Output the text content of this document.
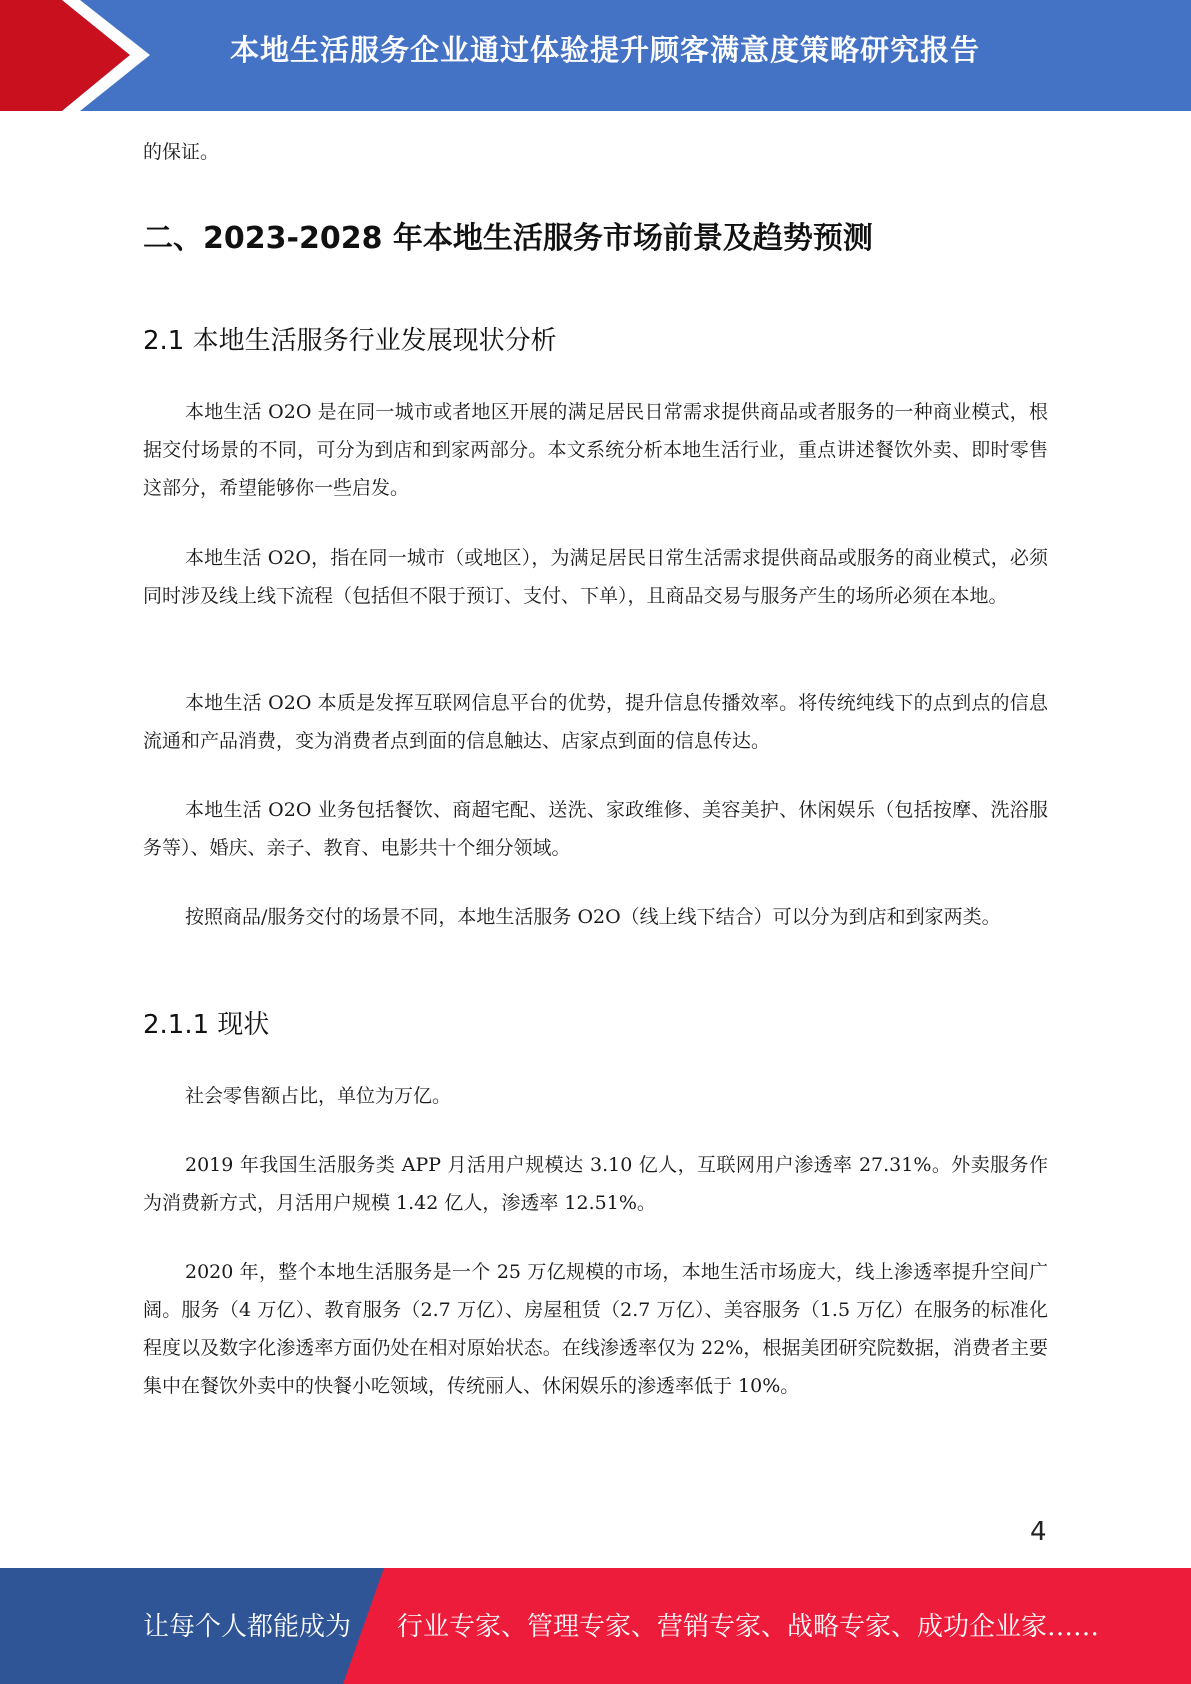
本地生活服务企业通过体验提升顾客满意度策略研究报告

的保证。

二、2023-2028 年本地生活服务市场前景及趋势预测
2.1 本地生活服务行业发展现状分析

本地生活 O2O 是在同一城市或者地区开展的满足居民日常需求提供商品或者服务的一种商业模式，根据交付场景的不同，可分为到店和到家两部分。本文系统分析本地生活行业，重点讲述餐饮外卖、即时零售这部分，希望能够你一些启发。

本地生活 O2O，指在同一城市（或地区），为满足居民日常生活需求提供商品或服务的商业模式，必须同时涉及线上线下流程（包括但不限于预订、支付、下单），且商品交易与服务产生的场所必须在本地。

本地生活 O2O 本质是发挥互联网信息平台的优势，提升信息传播效率。将传统纯线下的点到点的信息流通和产品消费，变为消费者点到面的信息触达、店家点到面的信息传达。

本地生活 O2O 业务包括餐饮、商超宅配、送洗、家政维修、美容美护、休闲娱乐（包括按摩、洗浴服务等）、婚庆、亲子、教育、电影共十个细分领域。

按照商品/服务交付的场景不同，本地生活服务 O2O（线上线下结合）可以分为到店和到家两类。

2.1.1 现状

社会零售额占比，单位为万亿。

2019 年我国生活服务类 APP 月活用户规模达 3.10 亿人，互联网用户渗透率 27.31%。外卖服务作为消费新方式，月活用户规模 1.42 亿人，渗透率 12.51%。

2020 年，整个本地生活服务是一个 25 万亿规模的市场，本地生活市场庞大，线上渗透率提升空间广阔。服务（4 万亿）、教育服务（2.7 万亿）、房屋租赁（2.7 万亿）、美容服务（1.5 万亿）在服务的标准化程度以及数字化渗透率方面仍处在相对原始状态。在线渗透率仅为 22%，根据美团研究院数据，消费者主要集中在餐饮外卖中的快餐小吃领域，传统丽人、休闲娱乐的渗透率低于 10%。

4
让每个人都能成为 行业专家、管理专家、营销专家、战略专家、成功企业家……
